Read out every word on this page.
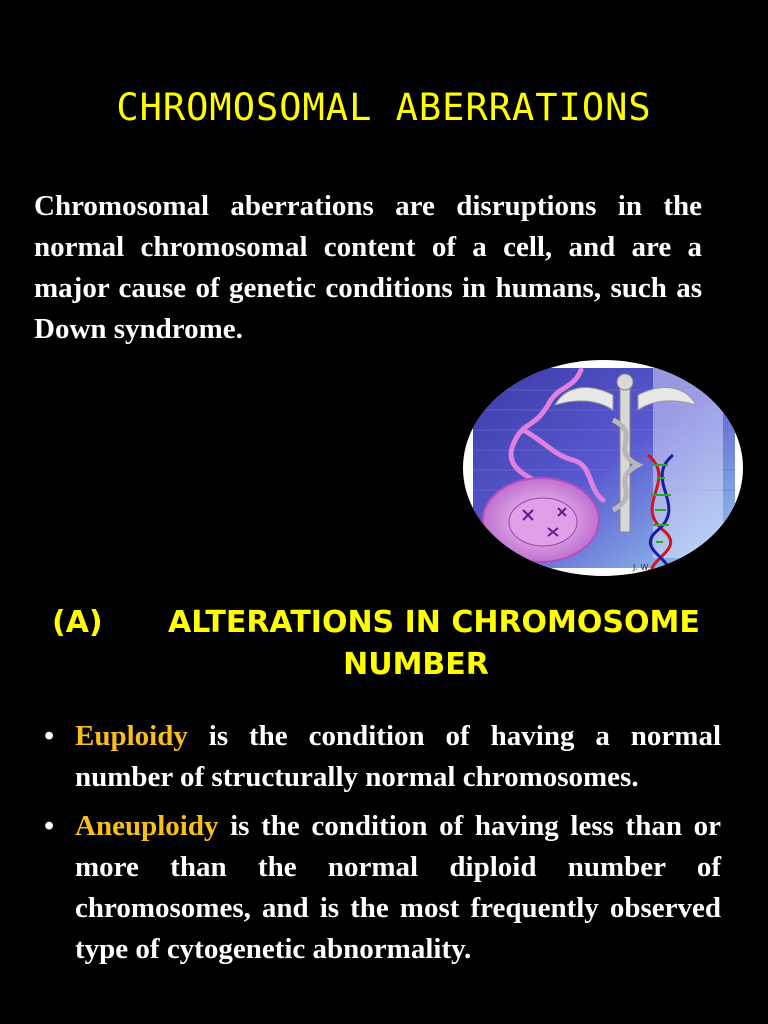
CHROMOSOMAL ABERRATIONS
Chromosomal aberrations are disruptions in the normal chromosomal content of a cell, and are a major cause of genetic conditions in humans, such as Down syndrome.
J. W.
(A)	ALTERATIONS IN CHROMOSOME
NUMBER
• Euploidy is the condition of having a normal number of structurally normal chromosomes.
• Aneuploidy is the condition of having less than or more than the normal diploid number of chromosomes, and is the most frequently observed type of cytogenetic abnormality.
